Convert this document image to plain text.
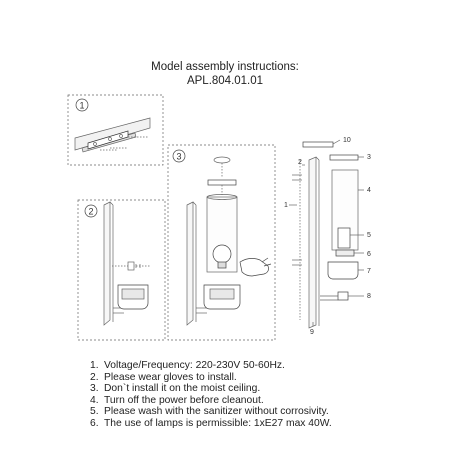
Model assembly instructions:
APL.804.01.01
1
2
3
10
3
4
5
6
7
8
2
1
9
1. Voltage/Frequency: 220-230V 50-60Hz.
2. Please wear gloves to install.
3. Don`t install it on the moist ceiling.
4. Turn off the power before cleanout.
5. Please wash with the sanitizer without corrosivity.
6. The use of lamps is permissible: 1xE27 max 40W.
